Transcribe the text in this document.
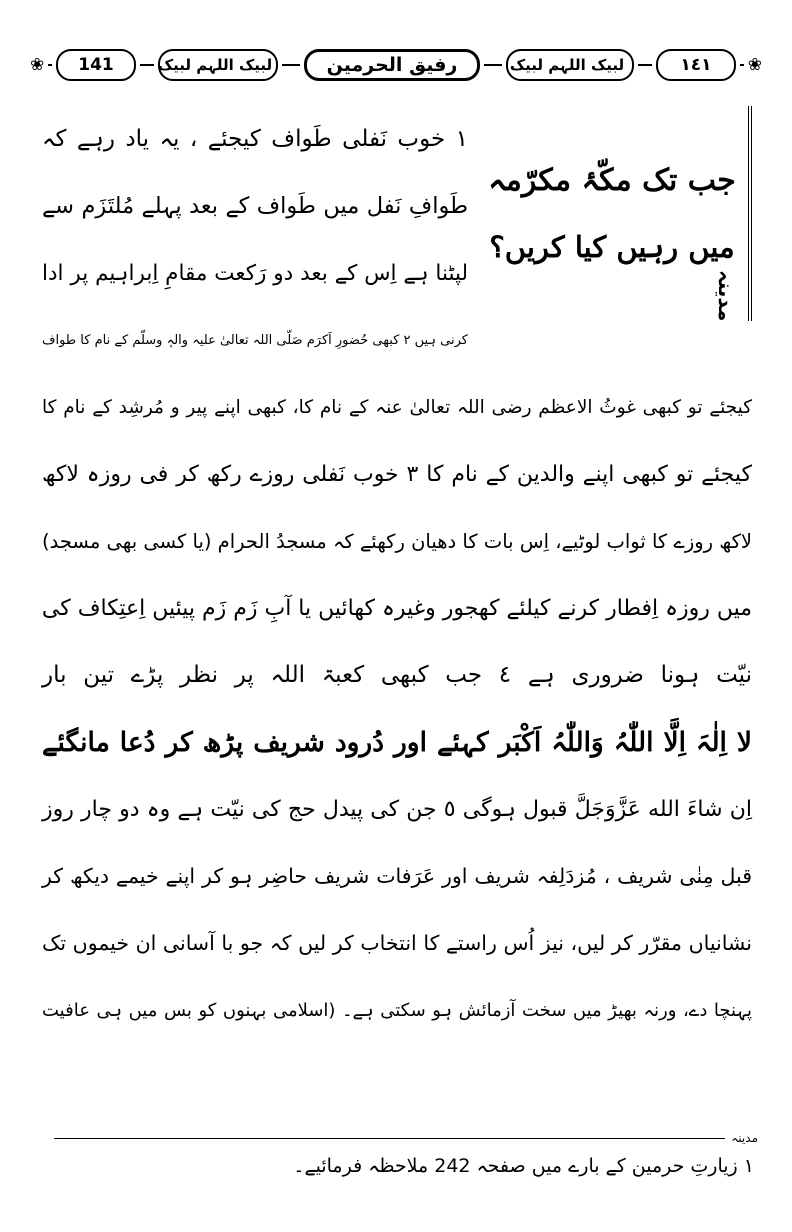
❀ 141	لبیک اللہم لبیک	رفیق الحرمین	لبیک اللہم لبیک	١٤١ ❀
جب تک مکّۂ مکرّمہ
میں رہیں کیا کریں؟
مدینہ
١ خوب نَفلی طَواف کیجئے ، یہ یاد رہے کہ
طَوافِ نَفل میں طَواف کے بعد پہلے مُلتَزَم سے
لپٹنا ہے اِس کے بعد دو رَکعت مقامِ اِبراہیم پر ادا
کرنی ہیں ٢ کبھی حُضورِ اَکرَم صَلّی اللہ تعالیٰ علیہ والہٖ وسلّم کے نام کا طواف
کیجئے تو کبھی غوثُ الاعظم رضی اللہ تعالیٰ عنہ کے نام کا، کبھی اپنے پیر و مُرشِد کے نام کا
کیجئے تو کبھی اپنے والدین کے نام کا ٣ خوب نَفلی روزے رکھ کر فی روزہ لاکھ
لاکھ روزے کا ثواب لوٹیے، اِس بات کا دھیان رکھئے کہ مسجدُ الحرام (یا کسی بھی مسجد)
میں روزہ اِفطار کرنے کیلئے کھجور وغیرہ کھائیں یا آبِ زَم زَم پیئیں اِعتِکاف کی
نیّت ہونا ضروری ہے ٤ جب کبھی کعبۃ اللہ پر نظر پڑے تین بار
لا اِلٰہَ اِلَّا اللّٰہُ وَاللّٰہُ اَکْبَر کہئے اور دُرود شریف پڑھ کر دُعا مانگئے
اِن شاءَ الله عَزَّوَجَلَّ قبول ہوگی ٥ جن کی پیدل حج کی نیّت ہے وہ دو چار روز
قبل مِنٰی شریف ، مُزدَلِفہ شریف اور عَرَفات شریف حاضِر ہو کر اپنے خیمے دیکھ کر
نشانیاں مقرّر کر لیں، نیز اُس راستے کا انتخاب کر لیں کہ جو با آسانی ان خیموں تک
پہنچا دے، ورنہ بھیڑ میں سخت آزمائش ہو سکتی ہے۔ (اسلامی بہنوں کو بس میں ہی عافیت
مدینہ
١ زیارتِ حرمین کے بارے میں صفحہ 242 ملاحظہ فرمائیے۔
